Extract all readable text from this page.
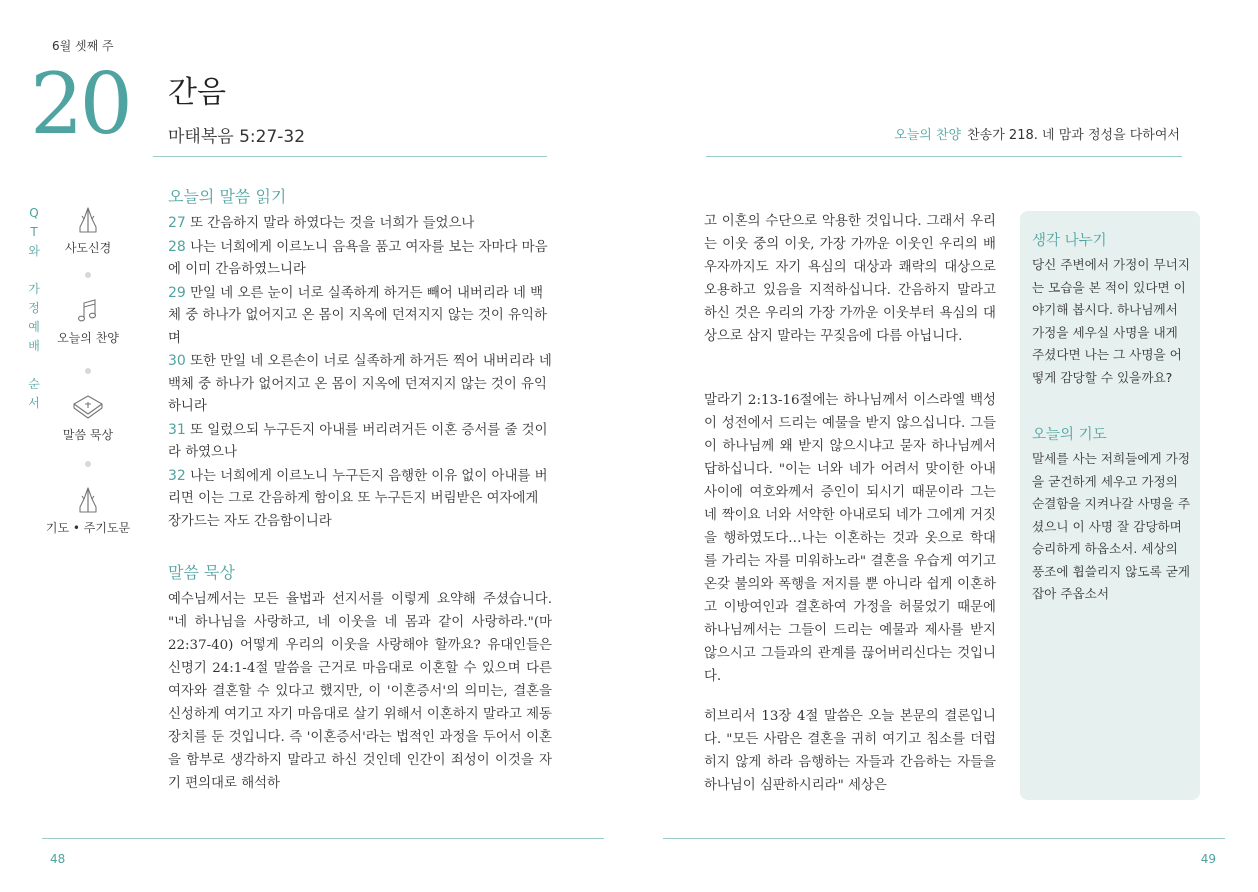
6월 셋째 주
20 간음
마태복음 5:27-32	오늘의 찬양 찬송가 218. 네 맘과 정성을 다하여서
Q
T
와
가
정
예
배
순
서
사도신경
오늘의 찬양
말씀 묵상
기도 • 주기도문
오늘의 말씀 읽기

27 또 간음하지 말라 하였다는 것을 너희가 들었으나

28 나는 너희에게 이르노니 음욕을 품고 여자를 보는 자마다 마음에 이미 간음하였느니라

29 만일 네 오른 눈이 너로 실족하게 하거든 빼어 내버리라 네 백체 중 하나가 없어지고 온 몸이 지옥에 던져지지 않는 것이 유익하며

30 또한 만일 네 오른손이 너로 실족하게 하거든 찍어 내버리라 네 백체 중 하나가 없어지고 온 몸이 지옥에 던져지지 않는 것이 유익하니라

31 또 일렀으되 누구든지 아내를 버리려거든 이혼 증서를 줄 것이라 하였으나

32 나는 너희에게 이르노니 누구든지 음행한 이유 없이 아내를 버리면 이는 그로 간음하게 함이요 또 누구든지 버림받은 여자에게 장가드는 자도 간음함이니라

말씀 묵상

예수님께서는 모든 율법과 선지서를 이렇게 요약해 주셨습니다. "네 하나님을 사랑하고, 네 이웃을 네 몸과 같이 사랑하라."(마22:37-40) 어떻게 우리의 이웃을 사랑해야 할까요? 유대인들은 신명기 24:1-4절 말씀을 근거로 마음대로 이혼할 수 있으며 다른 여자와 결혼할 수 있다고 했지만, 이 '이혼증서'의 의미는, 결혼을 신성하게 여기고 자기 마음대로 살기 위해서 이혼하지 말라고 제동장치를 둔 것입니다. 즉 '이혼증서'라는 법적인 과정을 두어서 이혼을 함부로 생각하지 말라고 하신 것인데 인간이 죄성이 이것을 자기 편의대로 해석하

고 이혼의 수단으로 악용한 것입니다. 그래서 우리는 이웃 중의 이웃, 가장 가까운 이웃인 우리의 배우자까지도 자기 욕심의 대상과 쾌락의 대상으로 오용하고 있음을 지적하십니다. 간음하지 말라고 하신 것은 우리의 가장 가까운 이웃부터 욕심의 대상으로 삼지 말라는 꾸짖음에 다름 아닙니다.

말라기 2:13-16절에는 하나님께서 이스라엘 백성이 성전에서 드리는 예물을 받지 않으십니다. 그들이 하나님께 왜 받지 않으시냐고 묻자 하나님께서 답하십니다. "이는 너와 네가 어려서 맞이한 아내 사이에 여호와께서 증인이 되시기 때문이라 그는 네 짝이요 너와 서약한 아내로되 네가 그에게 거짓을 행하였도다…나는 이혼하는 것과 옷으로 학대를 가리는 자를 미워하노라" 결혼을 우습게 여기고 온갖 불의와 폭행을 저지를 뿐 아니라 쉽게 이혼하고 이방여인과 결혼하여 가정을 허물었기 때문에 하나님께서는 그들이 드리는 예물과 제사를 받지 않으시고 그들과의 관계를 끊어버리신다는 것입니다.

히브리서 13장 4절 말씀은 오늘 본문의 결론입니다. "모든 사람은 결혼을 귀히 여기고 침소를 더럽히지 않게 하라 음행하는 자들과 간음하는 자들을 하나님이 심판하시리라" 세상은

생각 나누기

당신 주변에서 가정이 무너지는 모습을 본 적이 있다면 이야기해 봅시다. 하나님께서 가정을 세우실 사명을 내게 주셨다면 나는 그 사명을 어떻게 감당할 수 있을까요?

오늘의 기도

말세를 사는 저희들에게 가정을 굳건하게 세우고 가정의 순결함을 지켜나갈 사명을 주셨으니 이 사명 잘 감당하며 승리하게 하옵소서. 세상의 풍조에 휩쓸리지 않도록 굳게 잡아 주옵소서

48	49
